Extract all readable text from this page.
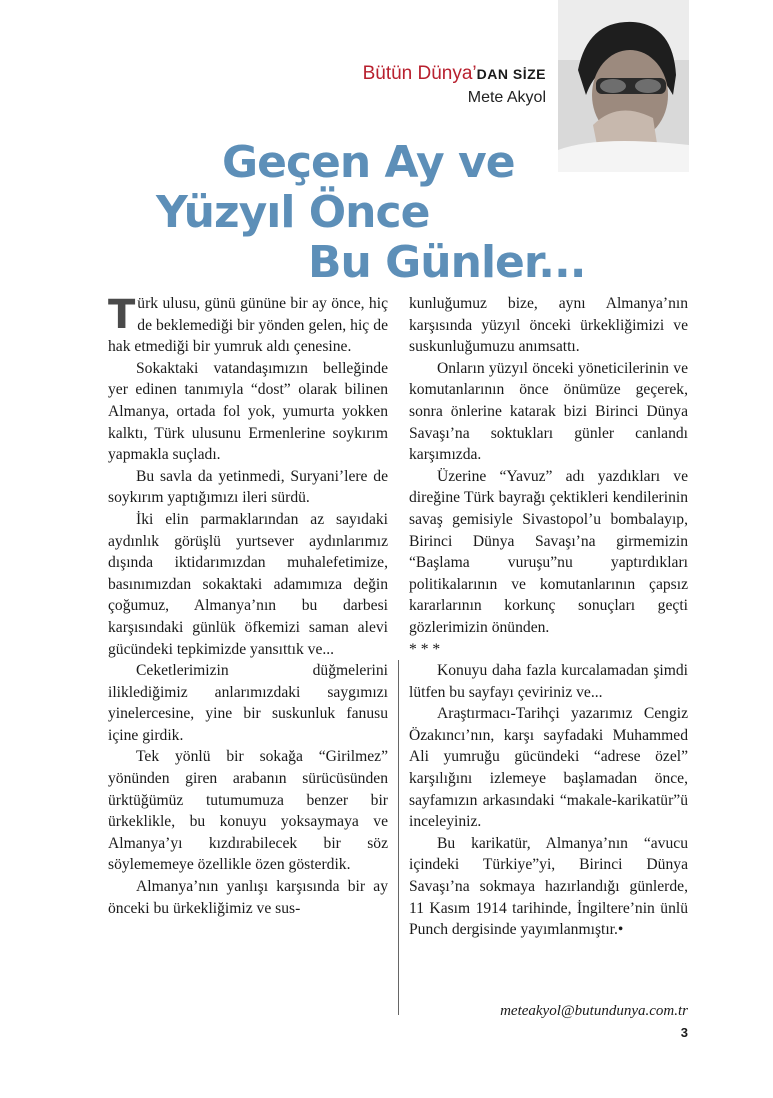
Bütün Dünya’DAN SİZE
Mete Akyol
Geçen Ay ve
Yüzyıl Önce
Bu Günler...

Türk ulusu, günü gününe bir ay önce, hiç de beklemediği bir yönden gelen, hiç de hak etmediği bir yumruk aldı çenesine.

Sokaktaki vatandaşımızın belleğinde yer edinen tanımıyla “dost” olarak bilinen Almanya, ortada fol yok, yumurta yokken kalktı, Türk ulusunu Ermenlerine soykırım yapmakla suçladı.

Bu savla da yetinmedi, Suryani’lere de soykırım yaptığımızı ileri sürdü.

İki elin parmaklarından az sayıdaki aydınlık görüşlü yurtsever aydınlarımız dışında iktidarımızdan muhalefetimize, basınımızdan sokaktaki adamımıza değin çoğumuz, Almanya’nın bu darbesi karşısındaki günlük öfkemizi saman alevi gücündeki tepkimizde yansıttık ve...

Ceketlerimizin düğmelerini iliklediğimiz anlarımızdaki saygımızı yinelercesine, yine bir suskunluk fanusu içine girdik.

Tek yönlü bir sokağa “Girilmez” yönünden giren arabanın sürücüsünden ürktüğümüz tutumumuza benzer bir ürkeklikle, bu konuyu yoksaymaya ve Almanya’yı kızdırabilecek bir söz söylememeye özellikle özen gösterdik.

Almanya’nın yanlışı karşısında bir ay önceki bu ürkekliğimiz ve sus-

kunluğumuz bize, aynı Almanya’nın karşısında yüzyıl önceki ürkekliğimizi ve suskunluğumuzu anımsattı.

Onların yüzyıl önceki yöneticilerinin ve komutanlarının önce önümüze geçerek, sonra önlerine katarak bizi Birinci Dünya Savaşı’na soktukları günler canlandı karşımızda.

Üzerine “Yavuz” adı yazdıkları ve direğine Türk bayrağı çektikleri kendilerinin savaş gemisiyle Sivastopol’u bombalayıp, Birinci Dünya Savaşı’na girmemizin “Başlama vuruşu”nu yaptırdıkları politikalarının ve komutanlarının çapsız kararlarının korkunç sonuçları geçti gözlerimizin önünden.

* * *

Konuyu daha fazla kurcalamadan şimdi lütfen bu sayfayı çeviriniz ve...

Araştırmacı-Tarihçi yazarımız Cengiz Özakıncı’nın, karşı sayfadaki Muhammed Ali yumruğu gücündeki “adrese özel” karşılığını izlemeye başlamadan önce, sayfamızın arkasındaki “makale-karikatür”ü inceleyiniz.

Bu karikatür, Almanya’nın “avucu içindeki Türkiye”yi, Birinci Dünya Savaşı’na sokmaya hazırlandığı günlerde, 11 Kasım 1914 tarihinde, İngiltere’nin ünlü Punch dergisinde yayımlanmıştır.•

meteakyol@butundunya.com.tr
3
